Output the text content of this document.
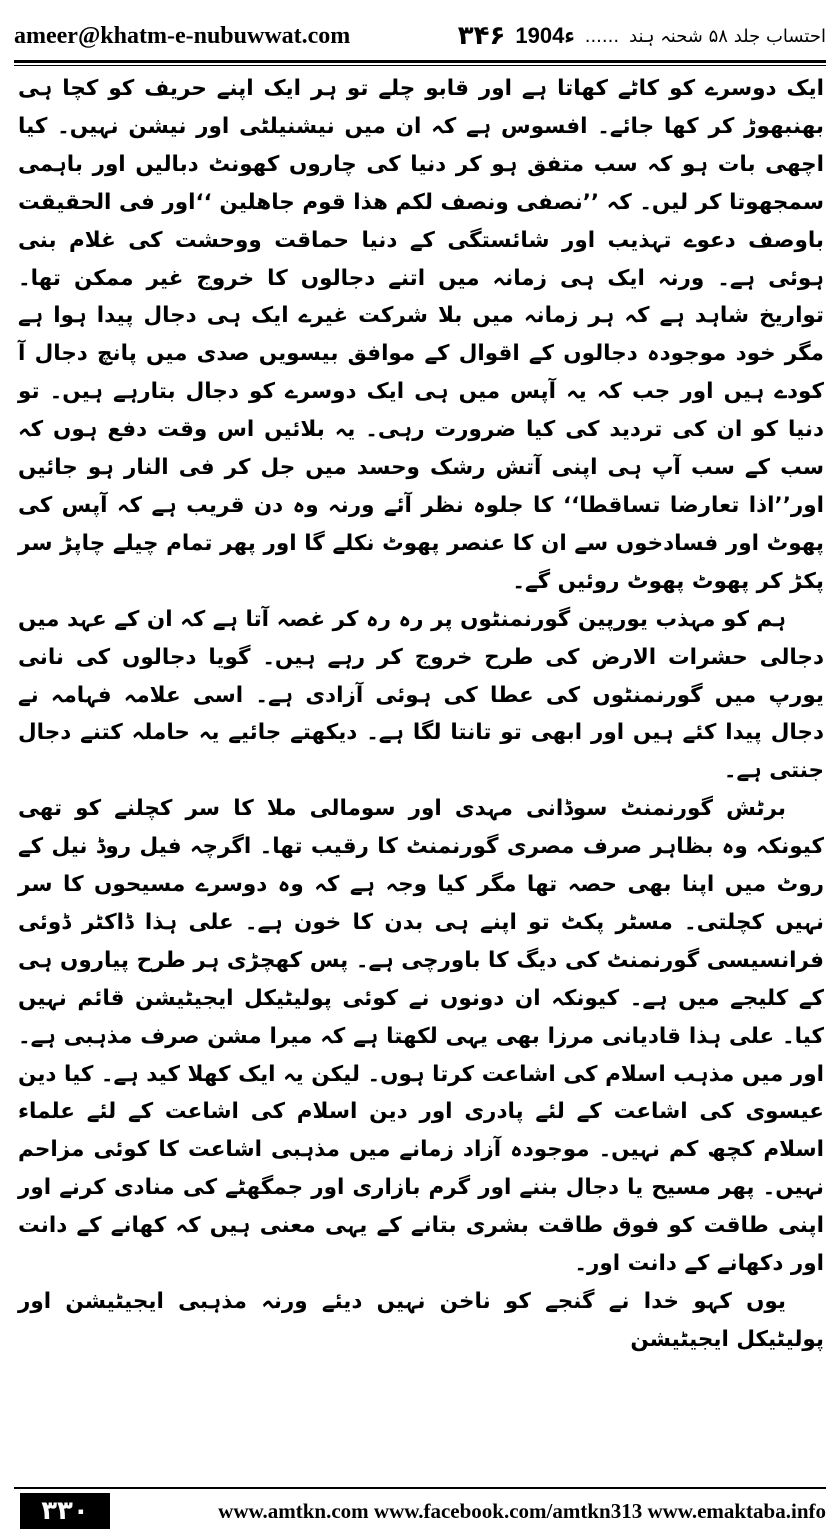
ameer@khatm-e-nubuwwat.com	احتساب جلد ۵۸ شحنہ ہند
......
1904ء
۳۴۶

ایک دوسرے کو کاٹے کھاتا ہے اور قابو چلے تو ہر ایک اپنے حریف کو کچا ہی بھنبھوڑ کر کھا جائے۔ افسوس ہے کہ ان میں نیشنیلٹی اور نیشن نہیں۔ کیا اچھی بات ہو کہ سب متفق ہو کر دنیا کی چاروں کھونٹ دبالیں اور باہمی سمجھوتا کر لیں۔ کہ ’’نصفی ونصف لکم ھذا قوم جاھلین ‘‘اور فی الحقیقت باوصف دعوے تہذیب اور شائستگی کے دنیا حماقت ووحشت کی غلام بنی ہوئی ہے۔ ورنہ ایک ہی زمانہ میں اتنے دجالوں کا خروج غیر ممکن تھا۔ تواریخ شاہد ہے کہ ہر زمانہ میں بلا شرکت غیرے ایک ہی دجال پیدا ہوا ہے مگر خود موجودہ دجالوں کے اقوال کے موافق بیسویں صدی میں پانچ دجال آ کودے ہیں اور جب کہ یہ آپس میں ہی ایک دوسرے کو دجال بتارہے ہیں۔ تو دنیا کو ان کی تردید کی کیا ضرورت رہی۔ یہ بلائیں اس وقت دفع ہوں کہ سب کے سب آپ ہی اپنی آتش رشک وحسد میں جل کر فی النار ہو جائیں اور’’اذا تعارضا تساقطا‘‘ کا جلوہ نظر آئے ورنہ وہ دن قریب ہے کہ آپس کی پھوٹ اور فسادخوں سے ان کا عنصر پھوٹ نکلے گا اور پھر تمام چیلے چاپڑ سر پکڑ کر پھوٹ پھوٹ روئیں گے۔

ہم کو مہذب یورپین گورنمنٹوں پر رہ رہ کر غصہ آتا ہے کہ ان کے عہد میں دجالی حشرات الارض کی طرح خروج کر رہے ہیں۔ گویا دجالوں کی نانی یورپ میں گورنمنٹوں کی عطا کی ہوئی آزادی ہے۔ اسی علامہ فہامہ نے دجال پیدا کئے ہیں اور ابھی تو تانتا لگا ہے۔ دیکھتے جائیے یہ حاملہ کتنے دجال جنتی ہے۔

برٹش گورنمنٹ سوڈانی مہدی اور سومالی ملا کا سر کچلنے کو تھی کیونکہ وہ بظاہر صرف مصری گورنمنٹ کا رقیب تھا۔ اگرچہ فیل روڈ نیل کے روٹ میں اپنا بھی حصہ تھا مگر کیا وجہ ہے کہ وہ دوسرے مسیحوں کا سر نہیں کچلتی۔ مسٹر پکٹ تو اپنے ہی بدن کا خون ہے۔ علی ہذا ڈاکٹر ڈوئی فرانسیسی گورنمنٹ کی دیگ کا باورچی ہے۔ پس کھچڑی ہر طرح پیاروں ہی کے کلیجے میں ہے۔ کیونکہ ان دونوں نے کوئی پولیٹیکل ایجیٹیشن قائم نہیں کیا۔ علی ہذا قادیانی مرزا بھی یہی لکھتا ہے کہ میرا مشن صرف مذہبی ہے۔ اور میں مذہب اسلام کی اشاعت کرتا ہوں۔ لیکن یہ ایک کھلا کید ہے۔ کیا دین عیسوی کی اشاعت کے لئے پادری اور دین اسلام کی اشاعت کے لئے علماء اسلام کچھ کم نہیں۔ موجودہ آزاد زمانے میں مذہبی اشاعت کا کوئی مزاحم نہیں۔ پھر مسیح یا دجال بننے اور گرم بازاری اور جمگھٹے کی منادی کرنے اور اپنی طاقت کو فوق طاقت بشری بتانے کے یہی معنی ہیں کہ کھانے کے دانت اور دکھانے کے دانت اور۔

یوں کہو خدا نے گنجے کو ناخن نہیں دیئے ورنہ مذہبی ایجیٹیشن اور پولیٹیکل ایجیٹیشن

۳۳۰	www.amtkn.com www.facebook.com/amtkn313 www.emaktaba.info
